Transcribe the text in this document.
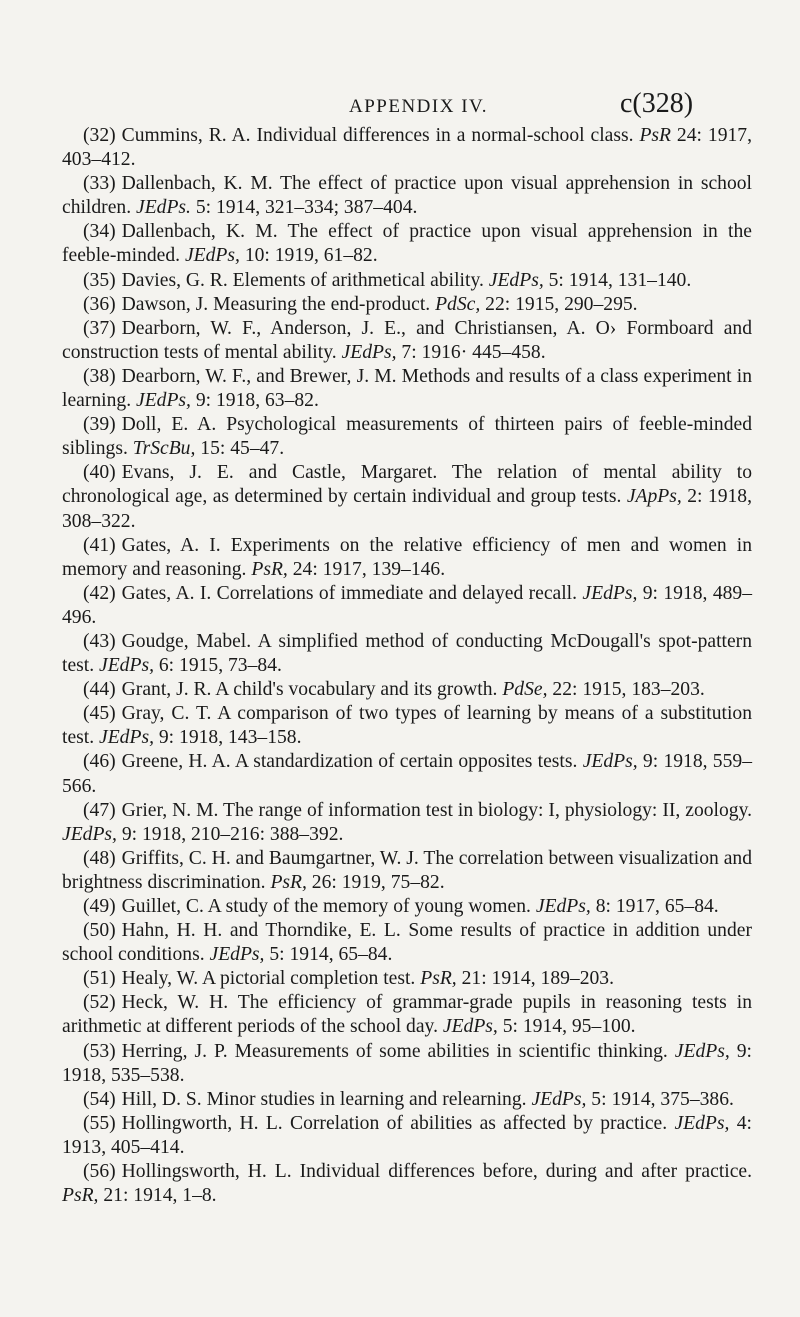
APPENDIX IV.	c(328)

(32) Cummins, R. A. Individual differences in a normal-school class. PsR 24: 1917, 403–412.

(33) Dallenbach, K. M. The effect of practice upon visual apprehension in school children. JEdPs. 5: 1914, 321–334; 387–404.

(34) Dallenbach, K. M. The effect of practice upon visual apprehension in the feeble-minded. JEdPs, 10: 1919, 61–82.

(35) Davies, G. R. Elements of arithmetical ability. JEdPs, 5: 1914, 131–140.

(36) Dawson, J. Measuring the end-product. PdSc, 22: 1915, 290–295.

(37) Dearborn, W. F., Anderson, J. E., and Christiansen, A. O› Formboard and construction tests of mental ability. JEdPs, 7: 1916· 445–458.

(38) Dearborn, W. F., and Brewer, J. M. Methods and results of a class experiment in learning. JEdPs, 9: 1918, 63–82.

(39) Doll, E. A. Psychological measurements of thirteen pairs of feeble-minded siblings. TrScBu, 15: 45–47.

(40) Evans, J. E. and Castle, Margaret. The relation of mental ability to chronological age, as determined by certain individual and group tests. JApPs, 2: 1918, 308–322.

(41) Gates, A. I. Experiments on the relative efficiency of men and women in memory and reasoning. PsR, 24: 1917, 139–146.

(42) Gates, A. I. Correlations of immediate and delayed recall. JEdPs, 9: 1918, 489–496.

(43) Goudge, Mabel. A simplified method of conducting McDougall's spot-pattern test. JEdPs, 6: 1915, 73–84.

(44) Grant, J. R. A child's vocabulary and its growth. PdSe, 22: 1915, 183–203.

(45) Gray, C. T. A comparison of two types of learning by means of a substitution test. JEdPs, 9: 1918, 143–158.

(46) Greene, H. A. A standardization of certain opposites tests. JEdPs, 9: 1918, 559–566.

(47) Grier, N. M. The range of information test in biology: I, physiology: II, zoology. JEdPs, 9: 1918, 210–216: 388–392.

(48) Griffits, C. H. and Baumgartner, W. J. The correlation between visualization and brightness discrimination. PsR, 26: 1919, 75–82.

(49) Guillet, C. A study of the memory of young women. JEdPs, 8: 1917, 65–84.

(50) Hahn, H. H. and Thorndike, E. L. Some results of practice in addition under school conditions. JEdPs, 5: 1914, 65–84.

(51) Healy, W. A pictorial completion test. PsR, 21: 1914, 189–203.

(52) Heck, W. H. The efficiency of grammar-grade pupils in reasoning tests in arithmetic at different periods of the school day. JEdPs, 5: 1914, 95–100.

(53) Herring, J. P. Measurements of some abilities in scientific thinking. JEdPs, 9: 1918, 535–538.

(54) Hill, D. S. Minor studies in learning and relearning. JEdPs, 5: 1914, 375–386.

(55) Hollingworth, H. L. Correlation of abilities as affected by practice. JEdPs, 4: 1913, 405–414.

(56) Hollingsworth, H. L. Individual differences before, during and after practice. PsR, 21: 1914, 1–8.
